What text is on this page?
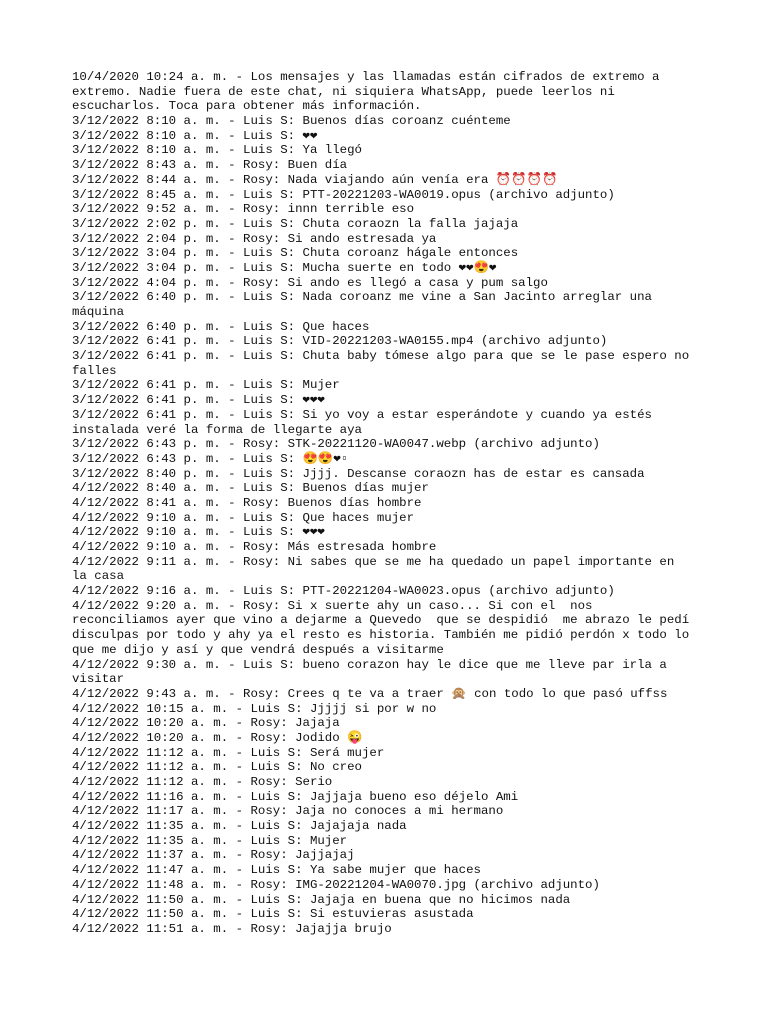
10/4/2020 10:24 a. m. - Los mensajes y las llamadas están cifrados de extremo a
extremo. Nadie fuera de este chat, ni siquiera WhatsApp, puede leerlos ni
escucharlos. Toca para obtener más información.
3/12/2022 8:10 a. m. - Luis S: Buenos días coroanz cuénteme
3/12/2022 8:10 a. m. - Luis S: ❤❤
3/12/2022 8:10 a. m. - Luis S: Ya llegó
3/12/2022 8:43 a. m. - Rosy: Buen día
3/12/2022 8:44 a. m. - Rosy: Nada viajando aún venía era ⏰⏰⏰⏰
3/12/2022 8:45 a. m. - Luis S: PTT-20221203-WA0019.opus (archivo adjunto)
3/12/2022 9:52 a. m. - Rosy: innn terrible eso
3/12/2022 2:02 p. m. - Luis S: Chuta coraozn la falla jajaja
3/12/2022 2:04 p. m. - Rosy: Si ando estresada ya
3/12/2022 3:04 p. m. - Luis S: Chuta coroanz hágale entonces
3/12/2022 3:04 p. m. - Luis S: Mucha suerte en todo ❤❤😍❤
3/12/2022 4:04 p. m. - Rosy: Si ando es llegó a casa y pum salgo
3/12/2022 6:40 p. m. - Luis S: Nada coroanz me vine a San Jacinto arreglar una
máquina
3/12/2022 6:40 p. m. - Luis S: Que haces
3/12/2022 6:41 p. m. - Luis S: VID-20221203-WA0155.mp4 (archivo adjunto)
3/12/2022 6:41 p. m. - Luis S: Chuta baby tómese algo para que se le pase espero no
falles
3/12/2022 6:41 p. m. - Luis S: Mujer
3/12/2022 6:41 p. m. - Luis S: ❤❤❤
3/12/2022 6:41 p. m. - Luis S: Si yo voy a estar esperándote y cuando ya estés
instalada veré la forma de llegarte aya
3/12/2022 6:43 p. m. - Rosy: STK-20221120-WA0047.webp (archivo adjunto)
3/12/2022 6:43 p. m. - Luis S: 😍😍❤▫
3/12/2022 8:40 p. m. - Luis S: Jjjj. Descanse coraozn has de estar es cansada
4/12/2022 8:40 a. m. - Luis S: Buenos días mujer
4/12/2022 8:41 a. m. - Rosy: Buenos días hombre
4/12/2022 9:10 a. m. - Luis S: Que haces mujer
4/12/2022 9:10 a. m. - Luis S: ❤❤❤
4/12/2022 9:10 a. m. - Rosy: Más estresada hombre
4/12/2022 9:11 a. m. - Rosy: Ni sabes que se me ha quedado un papel importante en
la casa
4/12/2022 9:16 a. m. - Luis S: PTT-20221204-WA0023.opus (archivo adjunto)
4/12/2022 9:20 a. m. - Rosy: Si x suerte ahy un caso... Si con el  nos
reconciliamos ayer que vino a dejarme a Quevedo  que se despidió  me abrazo le pedí
disculpas por todo y ahy ya el resto es historia. También me pidió perdón x todo lo
que me dijo y así y que vendrá después a visitarme
4/12/2022 9:30 a. m. - Luis S: bueno corazon hay le dice que me lleve par irla a
visitar
4/12/2022 9:43 a. m. - Rosy: Crees q te va a traer 🙊 con todo lo que pasó uffss
4/12/2022 10:15 a. m. - Luis S: Jjjjj si por w no
4/12/2022 10:20 a. m. - Rosy: Jajaja
4/12/2022 10:20 a. m. - Rosy: Jodido 😜
4/12/2022 11:12 a. m. - Luis S: Será mujer
4/12/2022 11:12 a. m. - Luis S: No creo
4/12/2022 11:12 a. m. - Rosy: Serio
4/12/2022 11:16 a. m. - Luis S: Jajjaja bueno eso déjelo Ami
4/12/2022 11:17 a. m. - Rosy: Jaja no conoces a mi hermano
4/12/2022 11:35 a. m. - Luis S: Jajajaja nada
4/12/2022 11:35 a. m. - Luis S: Mujer
4/12/2022 11:37 a. m. - Rosy: Jajjajaj
4/12/2022 11:47 a. m. - Luis S: Ya sabe mujer que haces
4/12/2022 11:48 a. m. - Rosy: IMG-20221204-WA0070.jpg (archivo adjunto)
4/12/2022 11:50 a. m. - Luis S: Jajaja en buena que no hicimos nada
4/12/2022 11:50 a. m. - Luis S: Si estuvieras asustada
4/12/2022 11:51 a. m. - Rosy: Jajajja brujo
